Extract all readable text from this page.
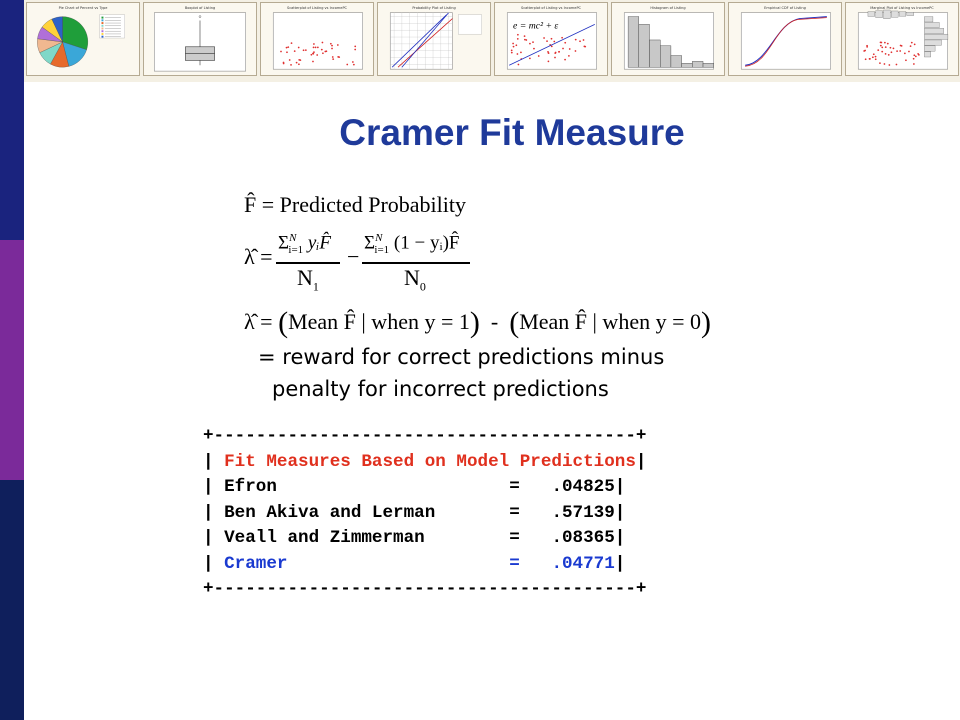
Pie Chart of Percent vs Type	Boxplot of Listing	Scatterplot of Listing vs IncomePC	Probability Plot of Listing	Scatterplot of Listing vs IncomePC
e = mc² + ε
Histogram of Listing	Empirical CDF of Listing	Marginal Plot of Listing vs IncomePC
Cramer Fit Measure
F̂ = Predicted Probability
λ̂ =
$\Sigma^N_{i=1}$ yᵢF̂
$N_1$
−
$\Sigma^N_{i=1}$ (1 − yᵢ)F̂
$N_0$
λ̂ = (Mean F̂ | when y = 1)  -  (Mean F̂ | when y = 0)
= reward for correct predictions minus
penalty for incorrect predictions
+----------------------------------------+
| Fit Measures Based on Model Predictions|
| Efron                      =   .04825|
| Ben Akiva and Lerman       =   .57139|
| Veall and Zimmerman        =   .08365|
| Cramer	=   .04771|
+----------------------------------------+
